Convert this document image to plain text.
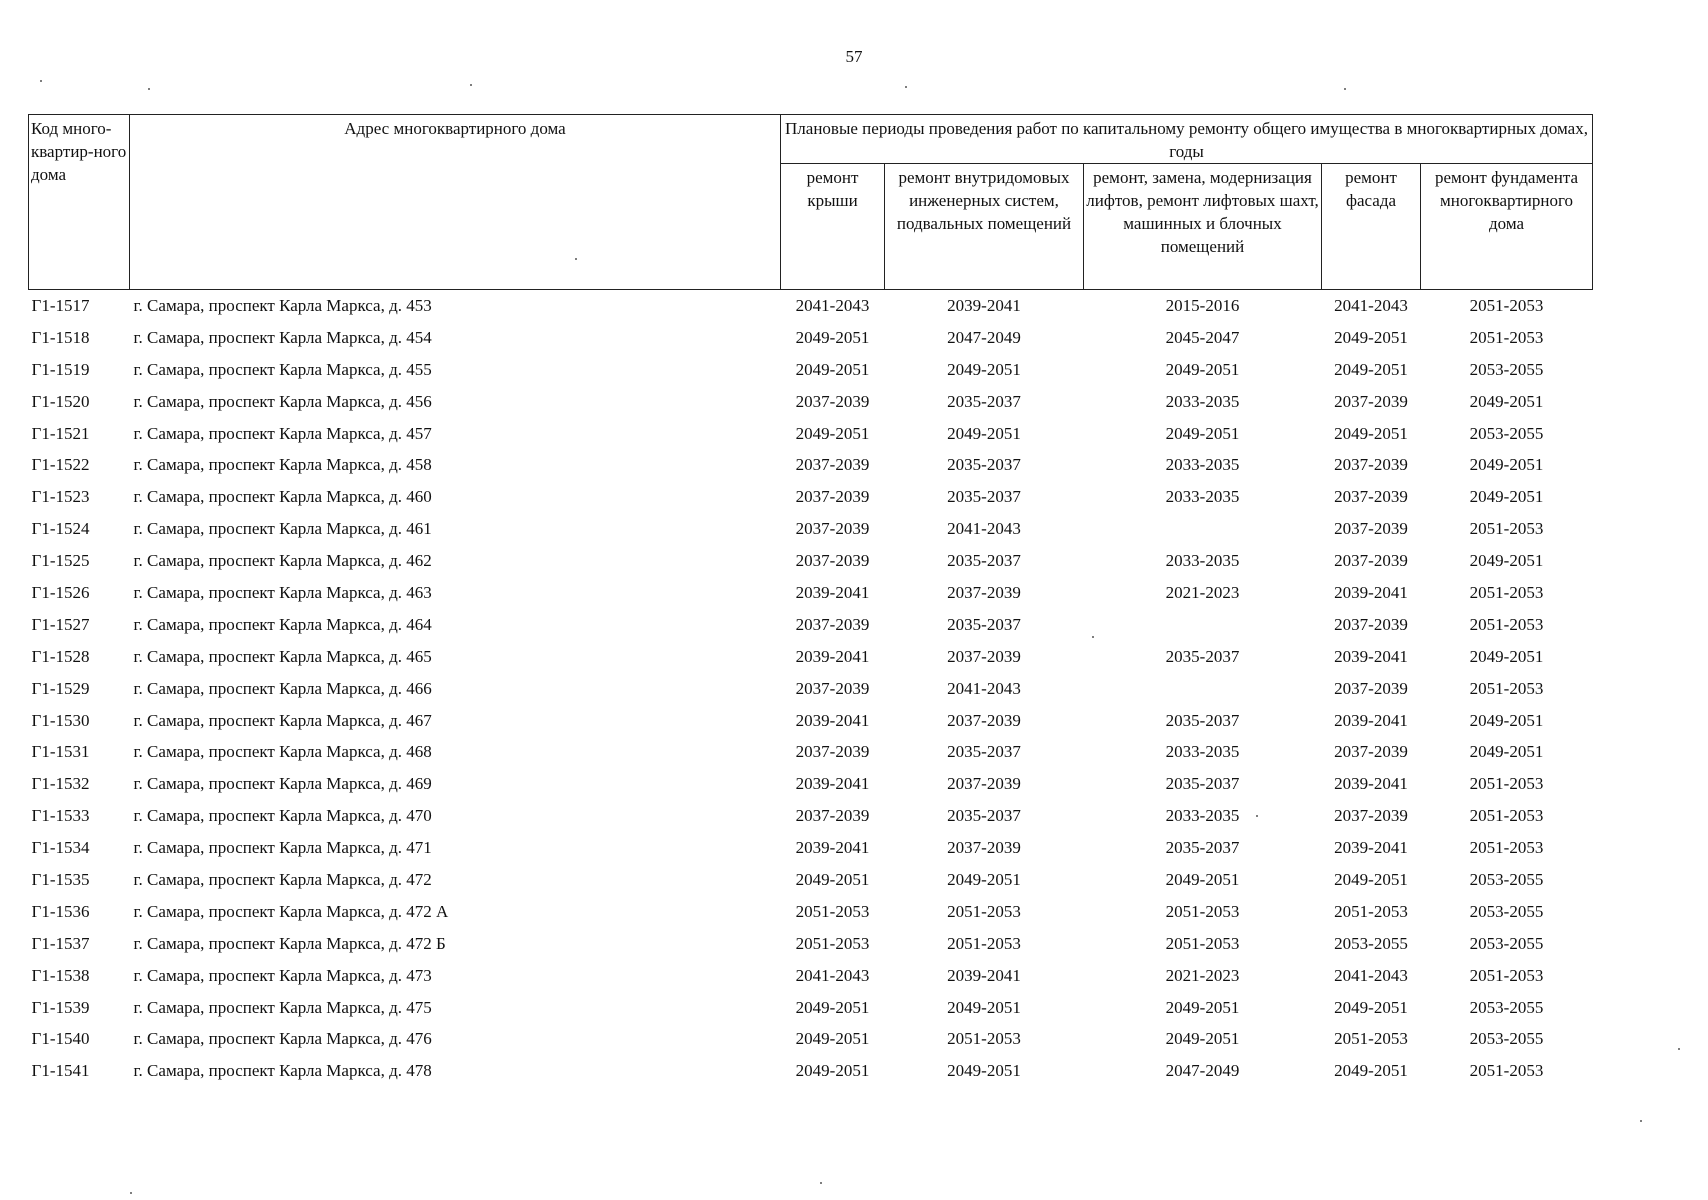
57
Код много-квартир-ного дома	Адрес многоквартирного дома	Плановые периоды проведения работ по капитальному ремонту общего имущества в многоквартирных домах, годы				
		ремонт крыши	ремонт внутридомовых инженерных систем, подвальных помещений	ремонт, замена, модернизация лифтов, ремонт лифтовых шахт, машинных и блочных помещений	ремонт фасада	ремонт фундамента многоквартирного дома
Г1-1517	г. Самара, проспект Карла Маркса, д. 453	2041-2043	2039-2041	2015-2016	2041-2043	2051-2053
Г1-1518	г. Самара, проспект Карла Маркса, д. 454	2049-2051	2047-2049	2045-2047	2049-2051	2051-2053
Г1-1519	г. Самара, проспект Карла Маркса, д. 455	2049-2051	2049-2051	2049-2051	2049-2051	2053-2055
Г1-1520	г. Самара, проспект Карла Маркса, д. 456	2037-2039	2035-2037	2033-2035	2037-2039	2049-2051
Г1-1521	г. Самара, проспект Карла Маркса, д. 457	2049-2051	2049-2051	2049-2051	2049-2051	2053-2055
Г1-1522	г. Самара, проспект Карла Маркса, д. 458	2037-2039	2035-2037	2033-2035	2037-2039	2049-2051
Г1-1523	г. Самара, проспект Карла Маркса, д. 460	2037-2039	2035-2037	2033-2035	2037-2039	2049-2051
Г1-1524	г. Самара, проспект Карла Маркса, д. 461	2037-2039	2041-2043		2037-2039	2051-2053
Г1-1525	г. Самара, проспект Карла Маркса, д. 462	2037-2039	2035-2037	2033-2035	2037-2039	2049-2051
Г1-1526	г. Самара, проспект Карла Маркса, д. 463	2039-2041	2037-2039	2021-2023	2039-2041	2051-2053
Г1-1527	г. Самара, проспект Карла Маркса, д. 464	2037-2039	2035-2037		2037-2039	2051-2053
Г1-1528	г. Самара, проспект Карла Маркса, д. 465	2039-2041	2037-2039	2035-2037	2039-2041	2049-2051
Г1-1529	г. Самара, проспект Карла Маркса, д. 466	2037-2039	2041-2043		2037-2039	2051-2053
Г1-1530	г. Самара, проспект Карла Маркса, д. 467	2039-2041	2037-2039	2035-2037	2039-2041	2049-2051
Г1-1531	г. Самара, проспект Карла Маркса, д. 468	2037-2039	2035-2037	2033-2035	2037-2039	2049-2051
Г1-1532	г. Самара, проспект Карла Маркса, д. 469	2039-2041	2037-2039	2035-2037	2039-2041	2051-2053
Г1-1533	г. Самара, проспект Карла Маркса, д. 470	2037-2039	2035-2037	2033-2035	2037-2039	2051-2053
Г1-1534	г. Самара, проспект Карла Маркса, д. 471	2039-2041	2037-2039	2035-2037	2039-2041	2051-2053
Г1-1535	г. Самара, проспект Карла Маркса, д. 472	2049-2051	2049-2051	2049-2051	2049-2051	2053-2055
Г1-1536	г. Самара, проспект Карла Маркса, д. 472 А	2051-2053	2051-2053	2051-2053	2051-2053	2053-2055
Г1-1537	г. Самара, проспект Карла Маркса, д. 472 Б	2051-2053	2051-2053	2051-2053	2053-2055	2053-2055
Г1-1538	г. Самара, проспект Карла Маркса, д. 473	2041-2043	2039-2041	2021-2023	2041-2043	2051-2053
Г1-1539	г. Самара, проспект Карла Маркса, д. 475	2049-2051	2049-2051	2049-2051	2049-2051	2053-2055
Г1-1540	г. Самара, проспект Карла Маркса, д. 476	2049-2051	2051-2053	2049-2051	2051-2053	2053-2055
Г1-1541	г. Самара, проспект Карла Маркса, д. 478	2049-2051	2049-2051	2047-2049	2049-2051	2051-2053
